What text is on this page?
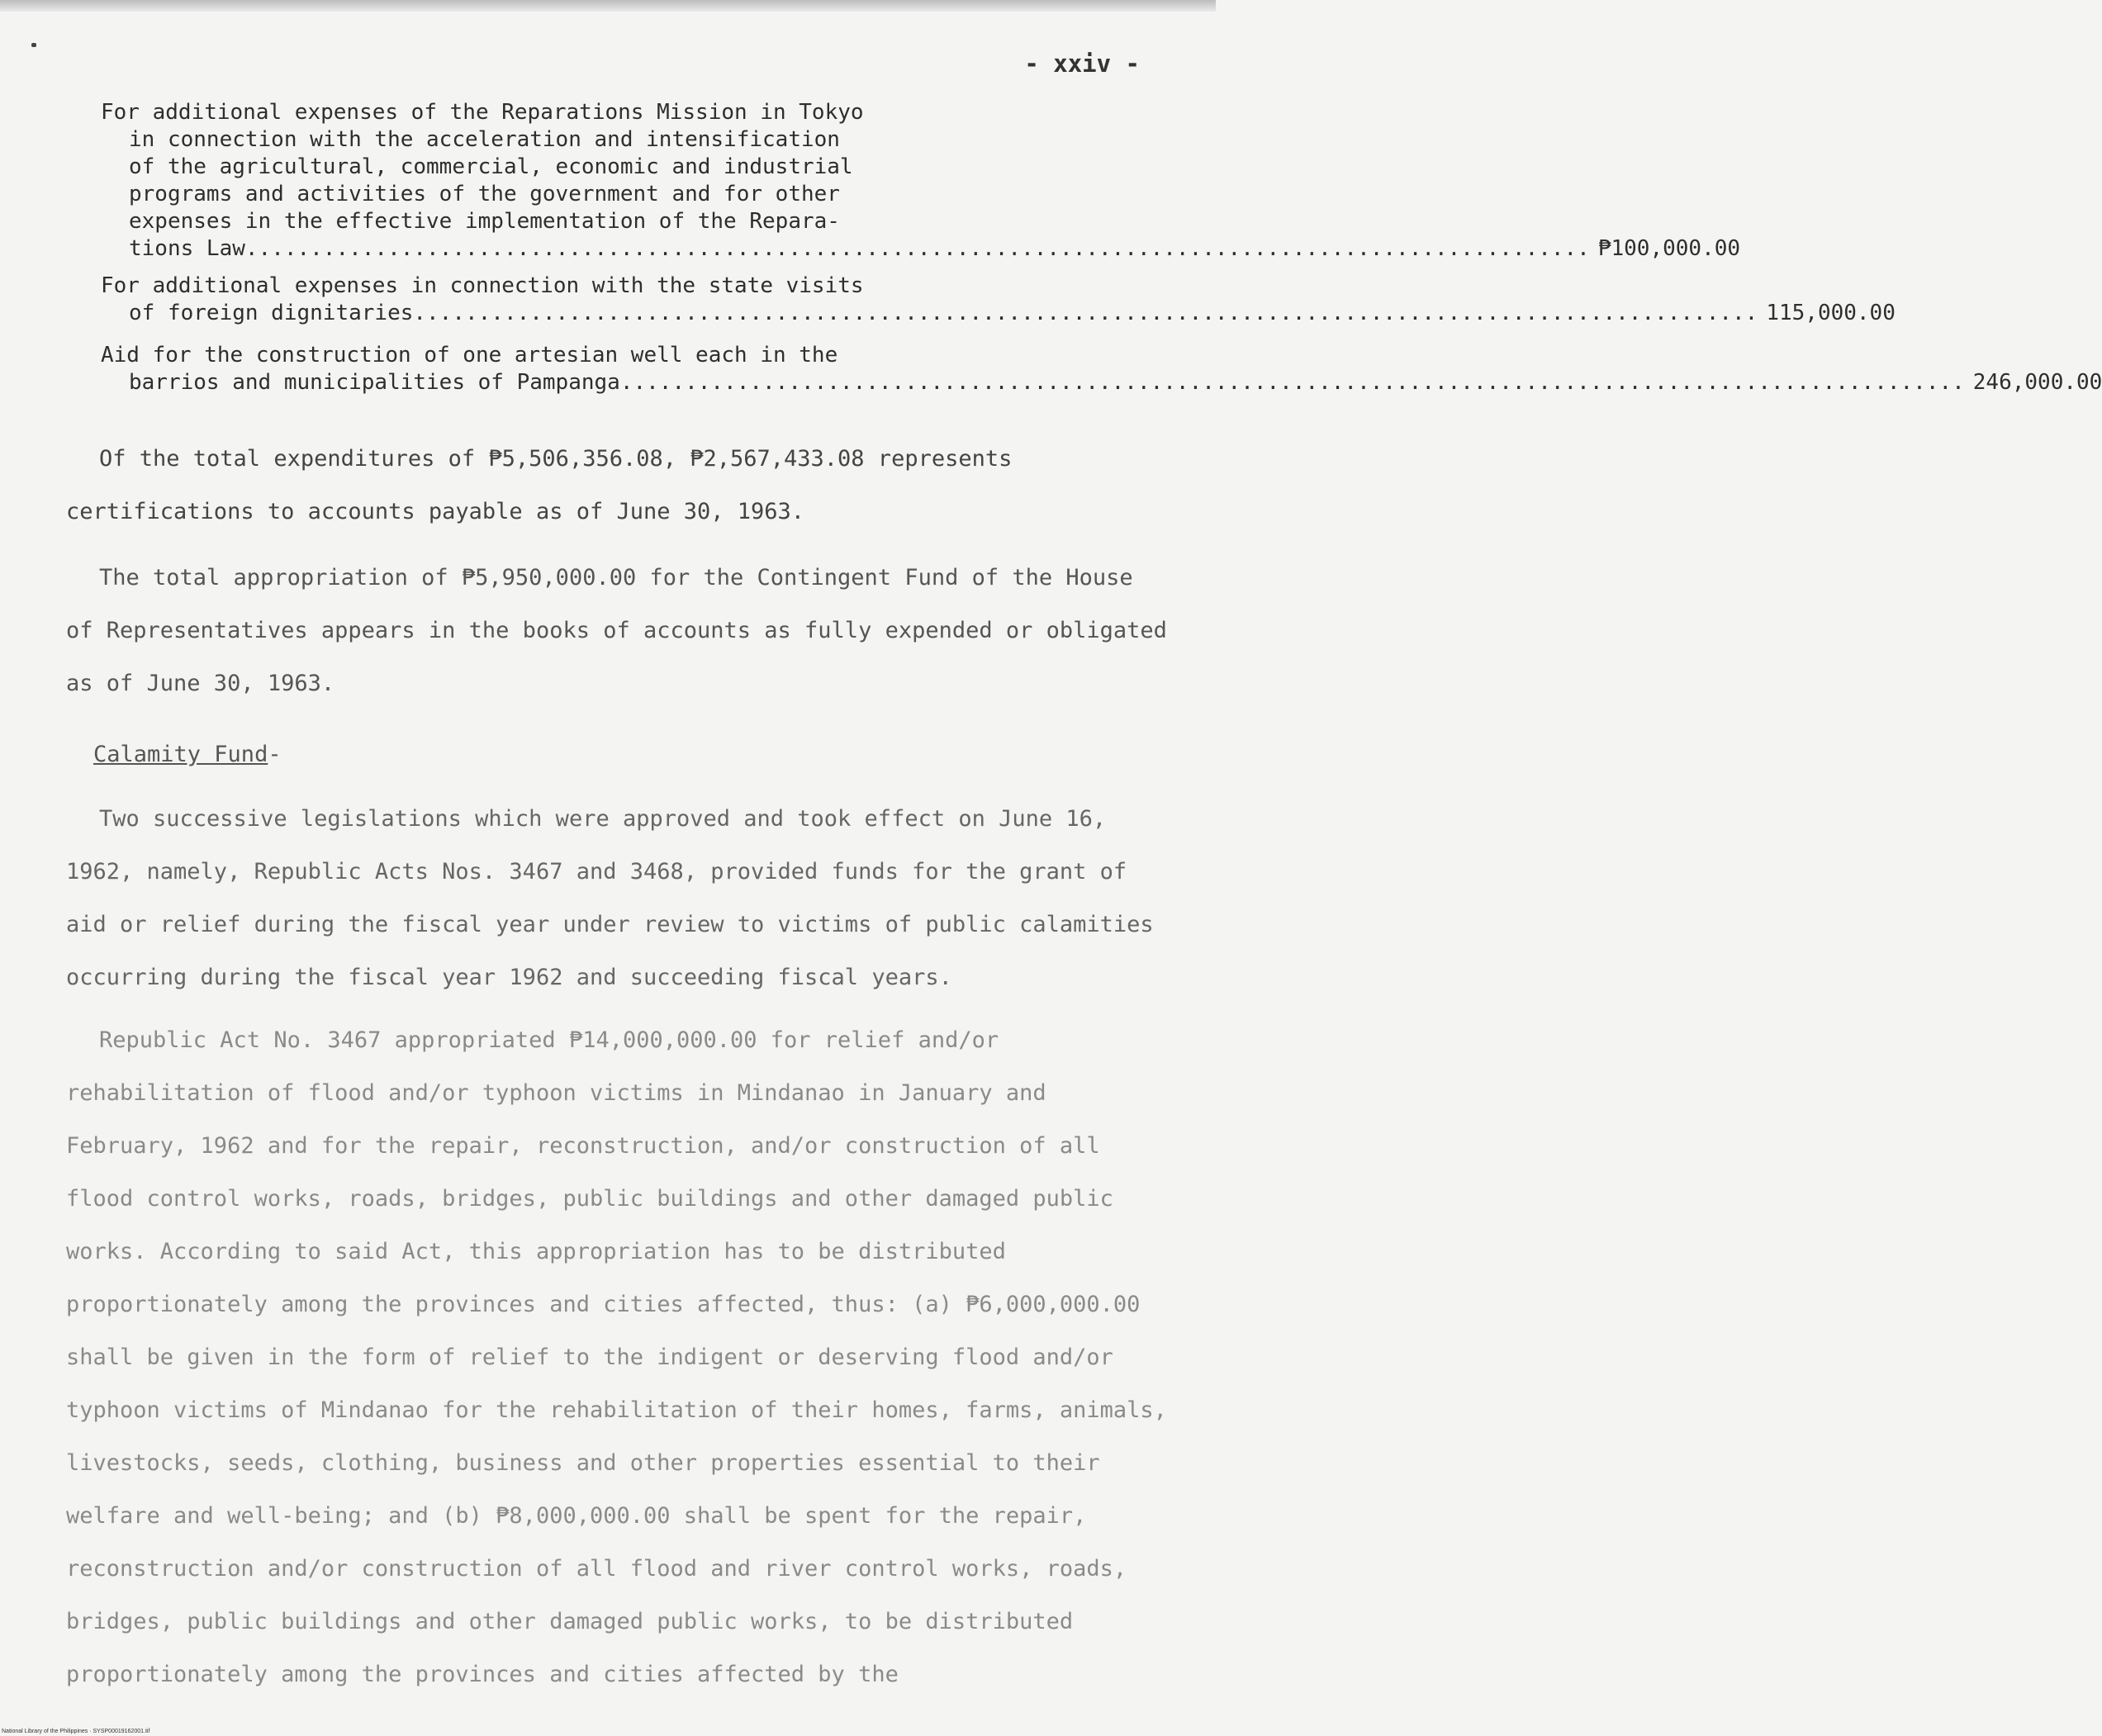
- xxiv -
For additional expenses of the Reparations Mission in Tokyo
in connection with the acceleration and intensification
of the agricultural, commercial, economic and industrial
programs and activities of the government and for other
expenses in the effective implementation of the Repara-
tions Law ........................................................................................................ ₱100,000.00
For additional expenses in connection with the state visits
of foreign dignitaries ........................................................................................................ 115,000.00
Aid for the construction of one artesian well each in the
barrios and municipalities of Pampanga ........................................................................................................ 246,000.00
Of the total expenditures of ₱5,506,356.08, ₱2,567,433.08 represents certifications to accounts payable as of June 30, 1963.
The total appropriation of ₱5,950,000.00 for the Contingent Fund of the House of Representatives appears in the books of accounts as fully expended or obligated as of June 30, 1963.
Calamity Fund-
Two successive legislations which were approved and took effect on June 16, 1962, namely, Republic Acts Nos. 3467 and 3468, provided funds for the grant of aid or relief during the fiscal year under review to victims of public calamities occurring during the fiscal year 1962 and succeeding fiscal years.
Republic Act No. 3467 appropriated ₱14,000,000.00 for relief and/or rehabilitation of flood and/or typhoon victims in Mindanao in January and February, 1962 and for the repair, reconstruction, and/or construction of all flood control works, roads, bridges, public buildings and other damaged public works. According to said Act, this appropriation has to be distributed proportionately among the provinces and cities affected, thus: (a) ₱6,000,000.00 shall be given in the form of relief to the indigent or deserving flood and/or typhoon victims of Mindanao for the rehabilitation of their homes, farms, animals, livestocks, seeds, clothing, business and other properties essential to their welfare and well-being; and (b) ₱8,000,000.00 shall be spent for the repair, reconstruction and/or construction of all flood and river control works, roads, bridges, public buildings and other damaged public works, to be distributed proportionately among the provinces and cities affected by the
National Library of the Philippines · SYSP00019162001.tif
